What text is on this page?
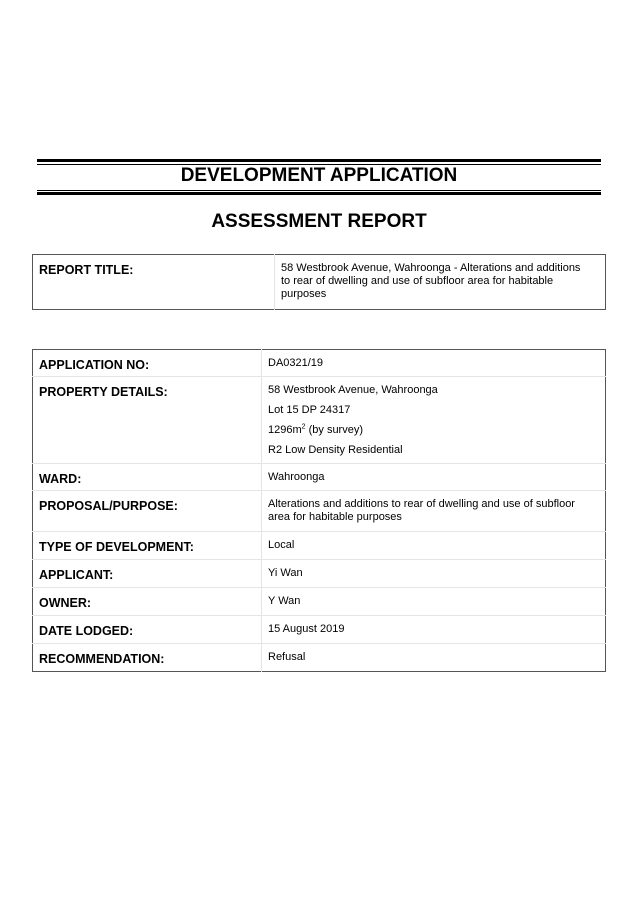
DEVELOPMENT APPLICATION
ASSESSMENT REPORT
REPORT TITLE:	58 Westbrook Avenue, Wahroonga - Alterations and additions
to rear of dwelling and use of subfloor area for habitable
purposes
APPLICATION NO:	DA0321/19
PROPERTY DETAILS:	58 Westbrook Avenue, Wahroonga
Lot 15 DP 24317
$1296m^2$ (by survey)
R2 Low Density Residential

WARD:	Wahroonga
PROPOSAL/PURPOSE:	Alterations and additions to rear of dwelling and use of subfloor
area for habitable purposes

TYPE OF DEVELOPMENT:	Local
APPLICANT:	Yi Wan
OWNER:	Y Wan
DATE LODGED:	15 August 2019
RECOMMENDATION:	Refusal
